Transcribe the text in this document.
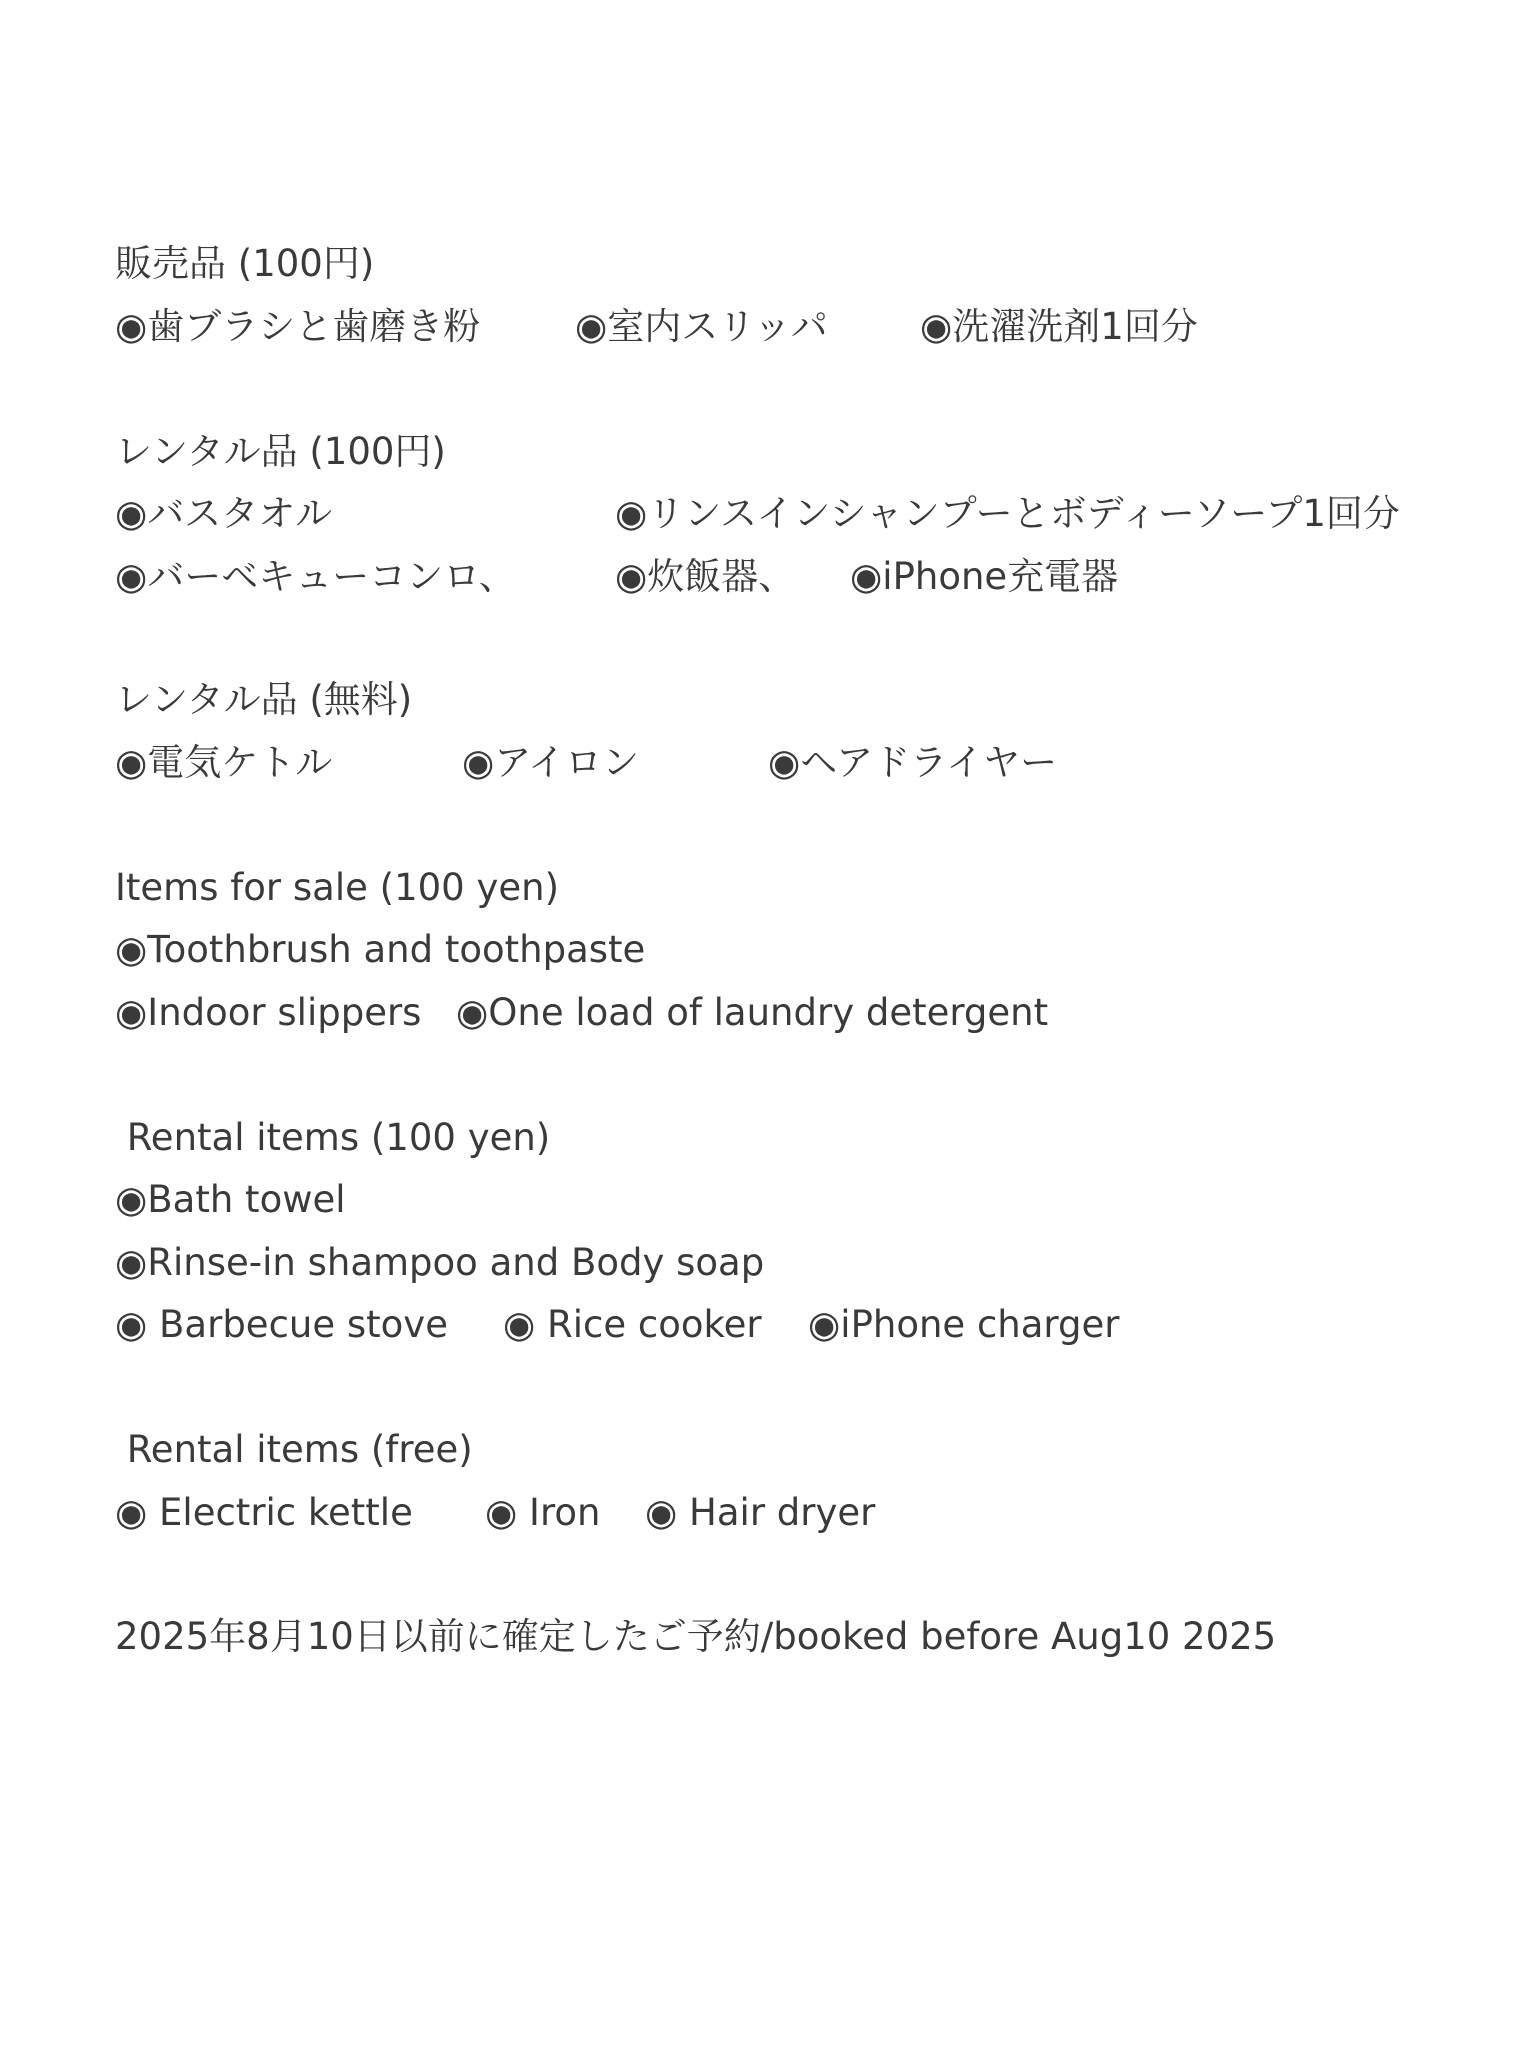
販売品 (100円)
◉歯ブラシと歯磨き粉	◉室内スリッパ ◉洗濯洗剤1回分
レンタル品 (100円)
◉バスタオル	◉リンスインシャンプーとボディーソープ1回分
◉バーベキューコンロ、	◉炊飯器、 ◉iPhone充電器
レンタル品 (無料)
◉電気ケトル	◉アイロン	◉ヘアドライヤー
Items for sale (100 yen)
◉Toothbrush and toothpaste
◉Indoor slippers ◉One load of laundry detergent
Rental items (100 yen)
◉Bath towel
◉Rinse-in shampoo and Body soap
◉ Barbecue stove ◉ Rice cooker ◉iPhone charger
Rental items (free)
◉ Electric kettle ◉ Iron ◉ Hair dryer
2025年8月10日以前に確定したご予約/booked before Aug10 2025
